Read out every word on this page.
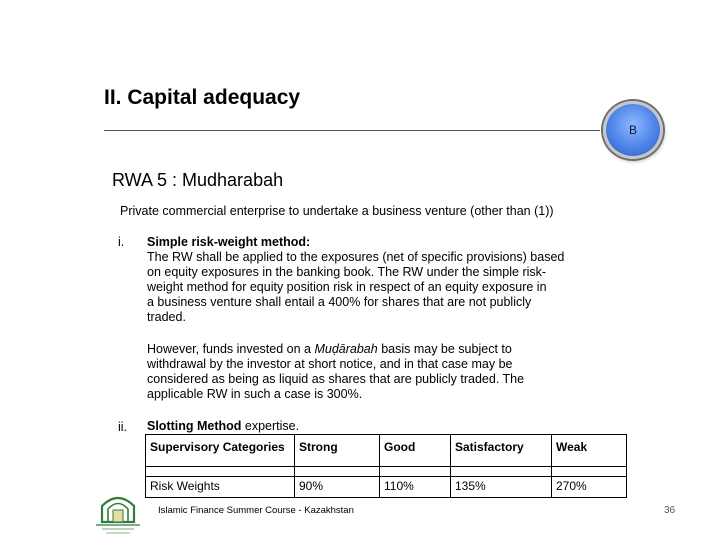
II. Capital adequacy
B
RWA 5 : Mudharabah
Private commercial enterprise to undertake a business venture (other than (1))
i. Simple risk-weight method:
The RW shall be applied to the exposures (net of specific provisions) based
on equity exposures in the banking book. The RW under the simple risk-
weight method for equity position risk in respect of an equity exposure in
a business venture shall entail a 400% for shares that are not publicly
traded.
However, funds invested on a Muḍārabah basis may be subject to
withdrawal by the investor at short notice, and in that case may be
considered as being as liquid as shares that are publicly traded. The
applicable RW in such a case is 300%.
ii. Slotting Method expertise.
Supervisory Categories	Strong	Good	Satisfactory	Weak

Risk Weights	90%	110%	135%	270%
Islamic Finance Summer Course - Kazakhstan	36
